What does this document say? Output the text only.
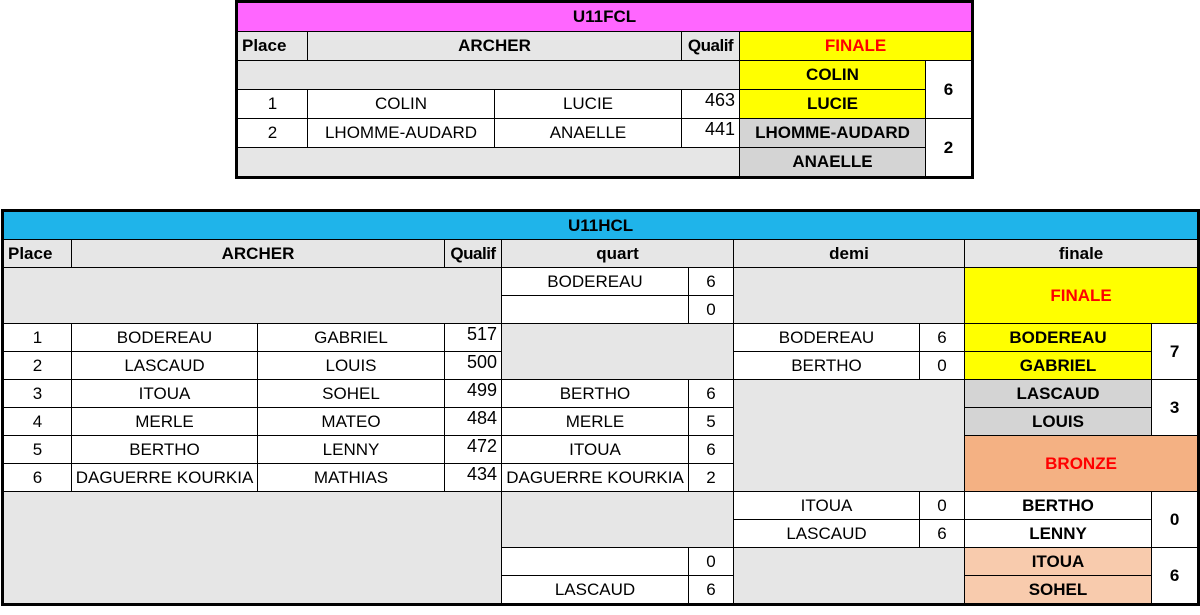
U11FCL					
Place	ARCHER		Qualif	FINALE	
				COLIN	6
1	COLIN	LUCIE	463	LUCIE	
2	LHOMME-AUDARD	ANAELLE	441	LHOMME-AUDARD	2
				ANAELLE	
U11HCL									
Place	ARCHER		Qualif	quart		demi		finale	
				BODEREAU	6			FINALE	
					0				
1	BODEREAU	GABRIEL	517			BODEREAU	6	BODEREAU	7
2	LASCAUD	LOUIS	500			BERTHO	0	GABRIEL	
3	ITOUA	SOHEL	499	BERTHO	6			LASCAUD	3
4	MERLE	MATEO	484	MERLE	5			LOUIS	
5	BERTHO	LENNY	472	ITOUA	6			BRONZE	
6	DAGUERRE KOURKIA	MATHIAS	434	DAGUERRE KOURKIA	2				
						ITOUA	0	BERTHO	0
						LASCAUD	6	LENNY	
					0			ITOUA	6
				LASCAUD	6			SOHEL	
